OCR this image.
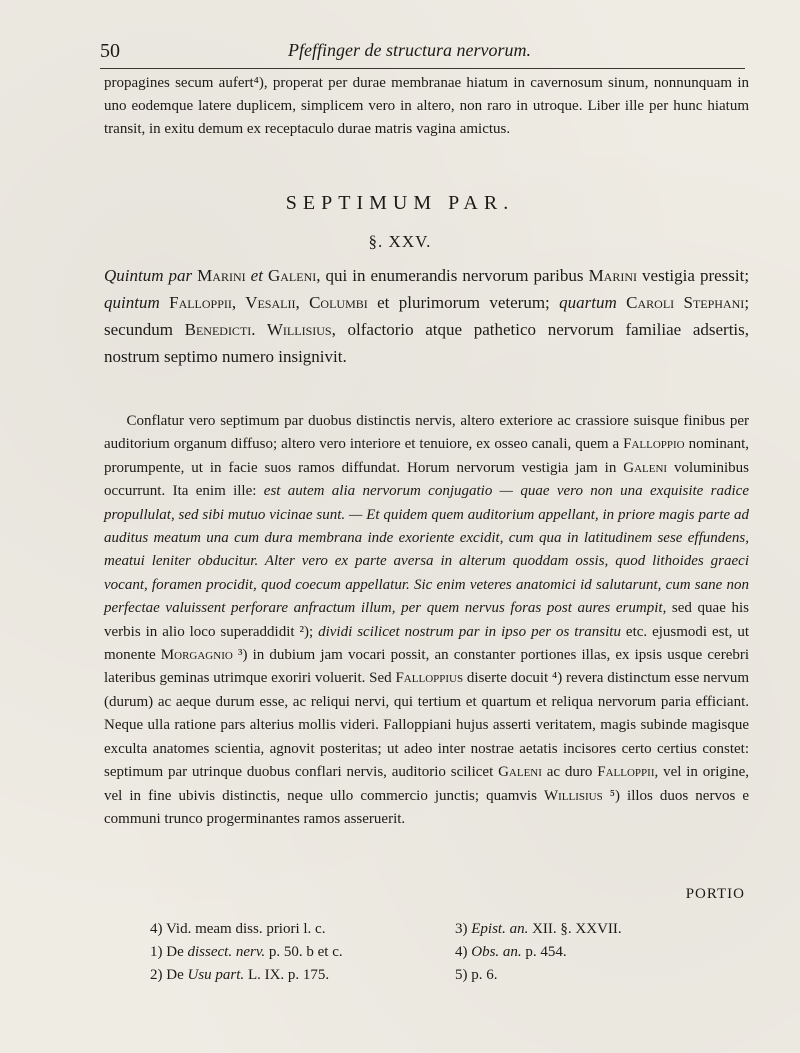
50	Pfeffinger de structura nervorum.
propagines secum aufert⁴), properat per durae membranae hiatum in cavernosum sinum, nonnunquam in uno eodemque latere duplicem, simplicem vero in altero, non raro in utroque. Liber ille per hunc hiatum transit, in exitu demum ex receptaculo durae matris vagina amictus.
SEPTIMUM PAR.
§. XXV.
Quintum par Marini et Galeni, qui in enumerandis nervorum paribus Marini vestigia pressit; quintum Falloppii, Vesalii, Columbi et plurimorum veterum; quartum Caroli Stephani; secundum Benedicti. Willisius, olfactorio atque pathetico nervorum familiae adsertis, nostrum septimo numero insignivit.
  Conflatur vero septimum par duobus distinctis nervis, altero exteriore ac crassiore suisque finibus per auditorium organum diffuso; altero vero interiore et tenuiore, ex osseo canali, quem a Falloppio nominant, prorumpente, ut in facie suos ramos diffundat. Horum nervorum vestigia jam in Galeni voluminibus occurrunt. Ita enim ille: est autem alia nervorum conjugatio — quae vero non una exquisite radice propullulat, sed sibi mutuo vicinae sunt. — Et quidem quem auditorium appellant, in priore magis parte ad auditus meatum una cum dura membrana inde exoriente excidit, cum qua in latitudinem sese effundens, meatui leniter obducitur. Alter vero ex parte aversa in alterum quoddam ossis, quod lithoides graeci vocant, foramen procidit, quod coecum appellatur. Sic enim veteres anatomici id salutarunt, cum sane non perfectae valuissent perforare anfractum illum, per quem nervus foras post aures erumpit, sed quae his verbis in alio loco superaddidit ²); dividi scilicet nostrum par in ipso per os transitu etc. ejusmodi est, ut monente Morgagnio ³) in dubium jam vocari possit, an constanter portiones illas, ex ipsis usque cerebri lateribus geminas utrimque exoriri voluerit. Sed Falloppius diserte docuit ⁴) revera distinctum esse nervum (durum) ac aeque durum esse, ac reliqui nervi, qui tertium et quartum et reliqua nervorum paria efficiant. Neque ulla ratione pars alterius mollis videri. Falloppiani hujus asserti veritatem, magis subinde magisque exculta anatomes scientia, agnovit posteritas; ut adeo inter nostrae aetatis incisores certo certius constet: septimum par utrinque duobus conflari nervis, auditorio scilicet Galeni ac duro Falloppii, vel in origine, vel in fine ubivis distinctis, neque ullo commercio junctis; quamvis Willisius ⁵) illos duos nervos e communi trunco progerminantes ramos asseruerit.
PORTIO
4) Vid. meam diss. priori l. c.
1) De dissect. nerv. p. 50. b et c.
2) De Usu part. L. IX. p. 175.
3) Epist. an. XII. §. XXVII.
4) Obs. an. p. 454.
5) p. 6.
